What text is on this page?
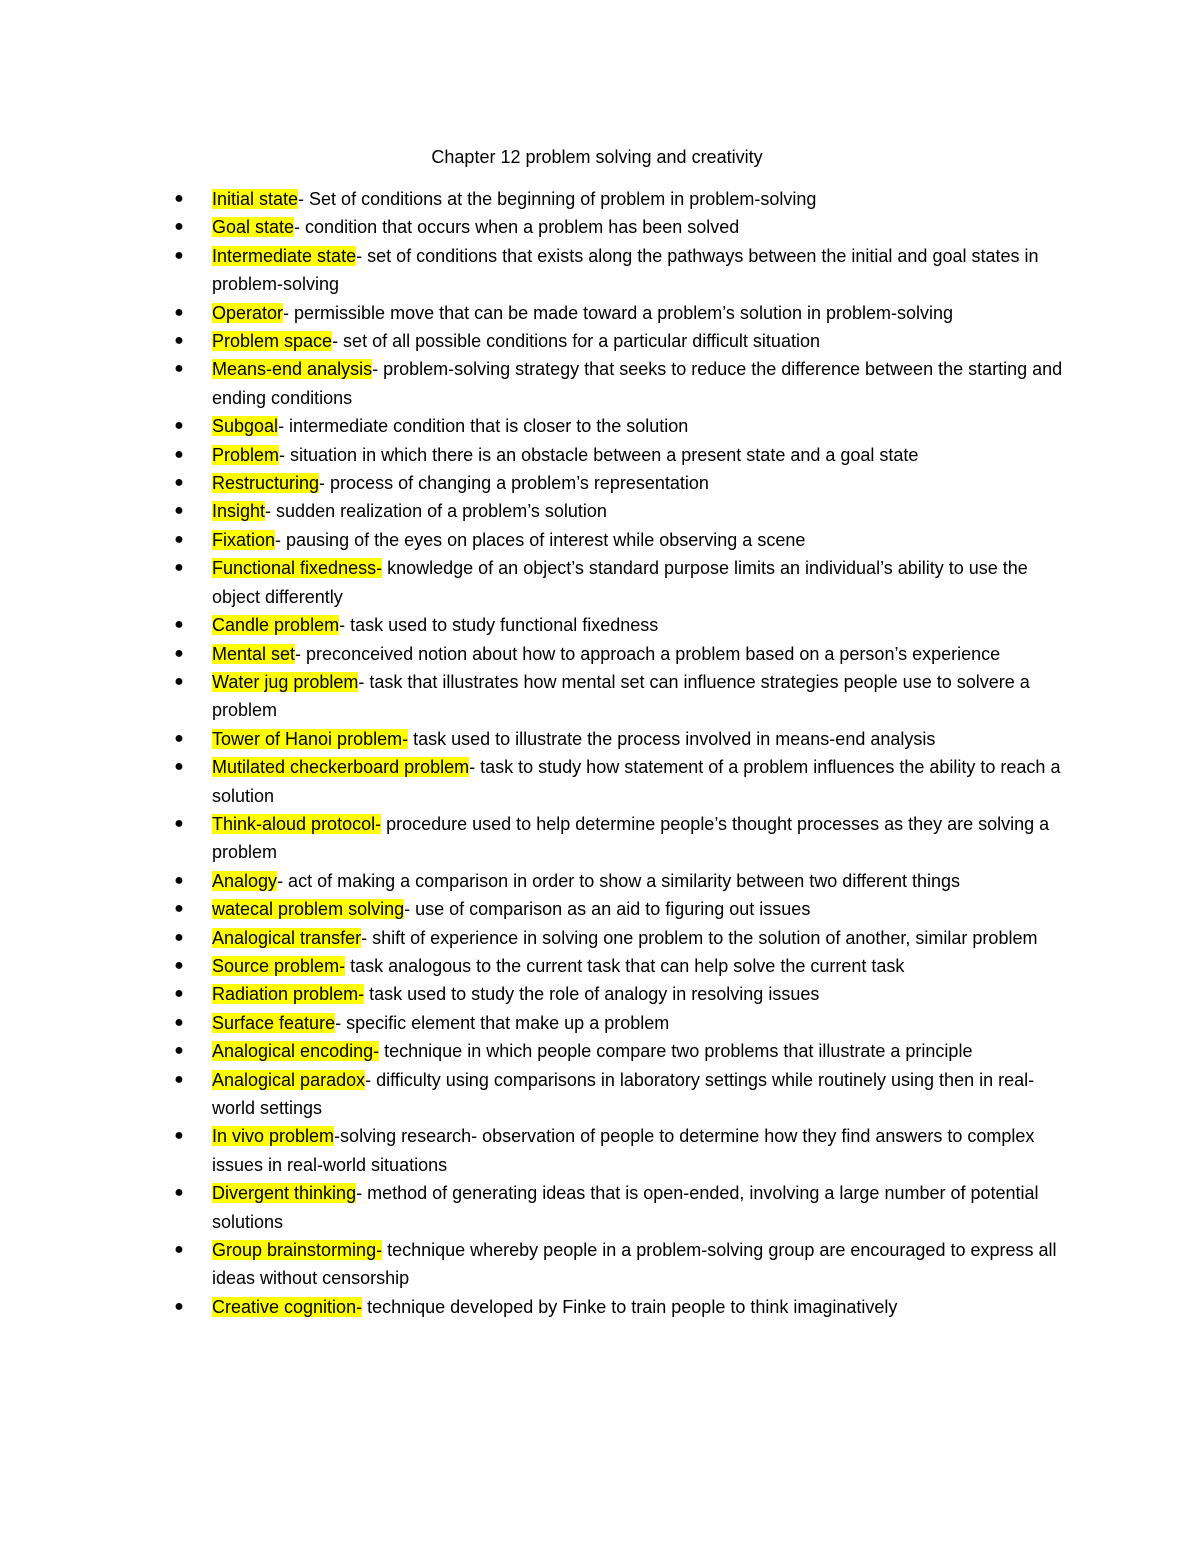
Chapter 12 problem solving and creativity
● Initial state- Set of conditions at the beginning of problem in problem-solving
● Goal state- condition that occurs when a problem has been solved
● Intermediate state- set of conditions that exists along the pathways between the initial and goal states in problem-solving
● Operator- permissible move that can be made toward a problem’s solution in problem-solving
● Problem space- set of all possible conditions for a particular difficult situation
● Means-end analysis- problem-solving strategy that seeks to reduce the difference between the starting and ending conditions
● Subgoal- intermediate condition that is closer to the solution
● Problem- situation in which there is an obstacle between a present state and a goal state
● Restructuring- process of changing a problem’s representation
● Insight- sudden realization of a problem’s solution
● Fixation- pausing of the eyes on places of interest while observing a scene
● Functional fixedness- knowledge of an object’s standard purpose limits an individual’s ability to use the object differently
● Candle problem- task used to study functional fixedness
● Mental set- preconceived notion about how to approach a problem based on a person’s experience
● Water jug problem- task that illustrates how mental set can influence strategies people use to solvere a problem
● Tower of Hanoi problem- task used to illustrate the process involved in means-end analysis
● Mutilated checkerboard problem- task to study how statement of a problem influences the ability to reach a solution
● Think-aloud protocol- procedure used to help determine people’s thought processes as they are solving a problem
● Analogy- act of making a comparison in order to show a similarity between two different things
● watecal problem solving- use of comparison as an aid to figuring out issues
● Analogical transfer- shift of experience in solving one problem to the solution of another, similar problem
● Source problem- task analogous to the current task that can help solve the current task
● Radiation problem- task used to study the role of analogy in resolving issues
● Surface feature- specific element that make up a problem
● Analogical encoding- technique in which people compare two problems that illustrate a principle
● Analogical paradox- difficulty using comparisons in laboratory settings while routinely using then in real-world settings
● In vivo problem-solving research- observation of people to determine how they find answers to complex issues in real-world situations
● Divergent thinking- method of generating ideas that is open-ended, involving a large number of potential solutions
● Group brainstorming- technique whereby people in a problem-solving group are encouraged to express all ideas without censorship
● Creative cognition- technique developed by Finke to train people to think imaginatively
